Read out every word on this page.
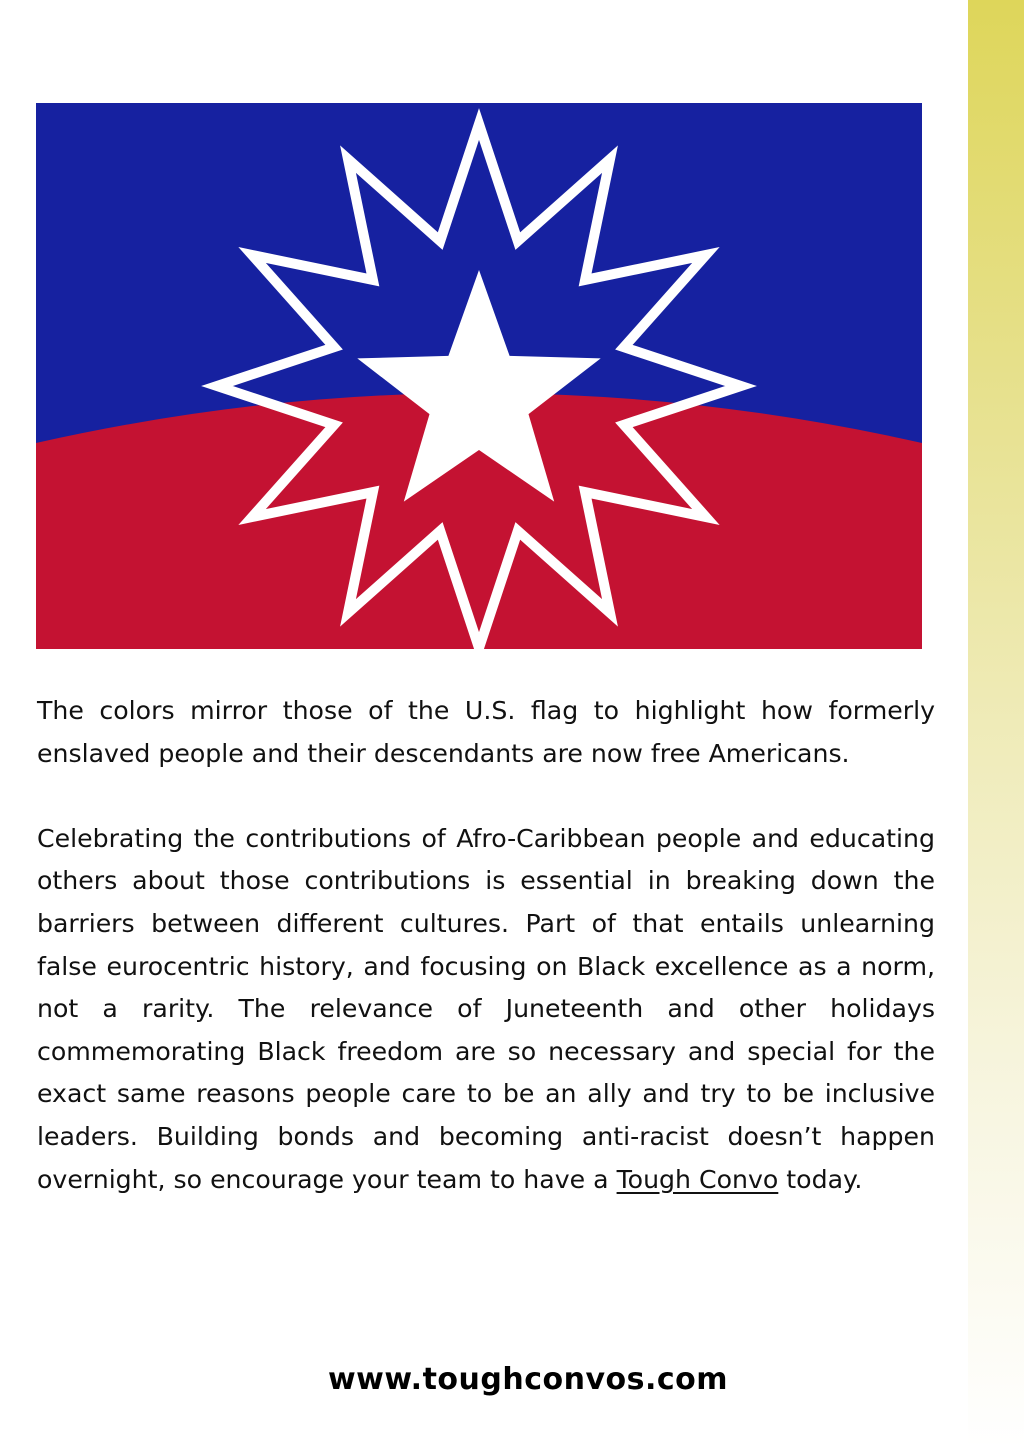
The colors mirror those of the U.S. flag to highlight how formerly enslaved people and their descendants are now free Americans.

Celebrating the contributions of Afro-Caribbean people and educating others about those contributions is essential in breaking down the barriers between different cultures. Part of that entails unlearning false eurocentric history, and focusing on Black excellence as a norm, not a rarity. The relevance of Juneteenth and other holidays commemorating Black freedom are so necessary and special for the exact same reasons people care to be an ally and try to be inclusive leaders. Building bonds and becoming anti-racist doesn’t happen overnight, so encourage your team to have a Tough Convo today.

www.toughconvos.com
